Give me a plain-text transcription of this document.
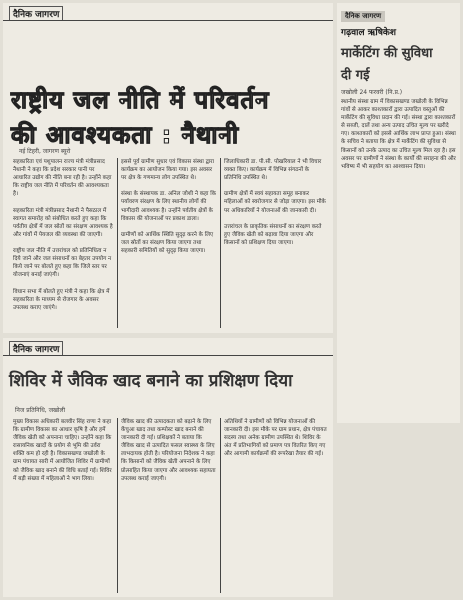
दैनिक जागरण
राष्ट्रीय जल नीति में परिवर्तन
की आवश्यकता : नैथानी
नई टिहरी, जागरण ब्यूरो
सहकारिता एवं पशुपालन राज्य मंत्री मंत्रीप्रसाद नैथानी ने कहा कि प्रदेश सरकार पानी पर आधारित उद्योग की नीति बना रही है। उन्होंने कहा कि राष्ट्रीय जल नीति में परिवर्तन की आवश्यकता है।

सहकारिता मंत्री मंत्रीप्रसाद नैथानी ने पैसठाल में स्वागत समारोह को संबोधित करते हुए कहा कि पर्वतीय क्षेत्रों में जल स्रोतों का संरक्षण आवश्यक है और गांवों में पेयजल की व्यवस्था की जाएगी।

राष्ट्रीय जल नीति में उत्तरांचल को प्रतिनिधित्व न दिये जाने और जल संसाधनों का बेहतर उपयोग न किये जाने पर बोलते हुए कहा कि जिले स्तर पर योजनाएं बनाई जाएंगी।

विधान सभा में बोलते हुए मंत्री ने कहा कि क्षेत्र में सहकारिता के माध्यम से रोजगार के अवसर उपलब्ध कराए जाएंगे।
इससे पूर्व ग्रामीण सुधार एवं विकास संस्था द्वारा कार्यक्रम का आयोजन किया गया। इस अवसर पर क्षेत्र के गणमान्य लोग उपस्थित थे।

संस्था के संस्थापक डा. अनिल जोशी ने कहा कि पर्यावरण संरक्षण के लिए स्थानीय लोगों की भागीदारी आवश्यक है। उन्होंने पर्वतीय क्षेत्रों के विकास की योजनाओं पर प्रकाश डाला।

ग्रामीणों को आर्थिक स्थिति सुदृढ़ करने के लिए जल स्रोतों का संरक्षण किया जाएगा तथा सहकारी समितियों को सुदृढ़ किया जाएगा।
जिलाधिकारी डा. पी.सी. पोखरियाल ने भी विचार व्यक्त किए। कार्यक्रम में विभिन्न संगठनों के प्रतिनिधि उपस्थित थे।

ग्रामीण क्षेत्रों में स्वयं सहायता समूह बनाकर महिलाओं को स्वरोजगार से जोड़ा जाएगा। इस मौके पर अधिकारियों ने योजनाओं की जानकारी दी।

उत्तरांचल के प्राकृतिक संसाधनों का संरक्षण करते हुए जैविक खेती को बढ़ावा दिया जाएगा और किसानों को प्रशिक्षण दिया जाएगा।
दैनिक जागरण
गढ़वाल ऋषिकेश
मार्केटिंग की सुविधा
दी गई
जखोली 24 फरवरी (नि.प्र.)
स्थानीय संस्था ग्राम में विकासखण्ड जखोली के विभिन्न गांवों से आकर काश्तकारों द्वारा उत्पादित वस्तुओं की मार्केटिंग की सुविधा प्रदान की गई। संस्था द्वारा काश्तकारों से सब्जी, दालें तथा अन्य उत्पाद उचित मूल्य पर खरीदे गए। काश्तकारों को इससे आर्थिक लाभ प्राप्त हुआ। संस्था के सचिव ने बताया कि क्षेत्र में मार्केटिंग की सुविधा से किसानों को उनके उत्पाद का उचित मूल्य मिल रहा है। इस अवसर पर ग्रामीणों ने संस्था के कार्यों की सराहना की और भविष्य में भी सहयोग का आश्वासन दिया।
दैनिक जागरण
शिविर में जैविक खाद बनाने का प्रशिक्षण दिया
निज प्रतिनिधि, जखोली
मुख्य विकास अधिकारी बलवीर सिंह राणा ने कहा कि ग्रामीण विकास का आधार कृषि है और हमें जैविक खेती को अपनाना चाहिए। उन्होंने कहा कि रासायनिक खादों के प्रयोग से भूमि की उर्वरा शक्ति कम हो रही है। विकासखण्ड जखोली के ग्राम पंचायत सारी में आयोजित शिविर में ग्रामीणों को जैविक खाद बनाने की विधि बताई गई। शिविर में बड़ी संख्या में महिलाओं ने भाग लिया।
जैविक खाद की उत्पादकता को बढ़ाने के लिए केंचुआ खाद तथा कम्पोस्ट खाद बनाने की जानकारी दी गई। प्रशिक्षकों ने बताया कि जैविक खाद से उत्पादित फसल स्वास्थ्य के लिए लाभदायक होती है। परियोजना निदेशक ने कहा कि किसानों को जैविक खेती अपनाने के लिए प्रोत्साहित किया जाएगा और आवश्यक सहायता उपलब्ध कराई जाएगी।
अतिथियों ने ग्रामीणों को विभिन्न योजनाओं की जानकारी दी। इस मौके पर ग्राम प्रधान, क्षेत्र पंचायत सदस्य तथा अनेक ग्रामीण उपस्थित थे। शिविर के अंत में प्रतिभागियों को प्रमाण पत्र वितरित किए गए और आगामी कार्यक्रमों की रूपरेखा तैयार की गई।
